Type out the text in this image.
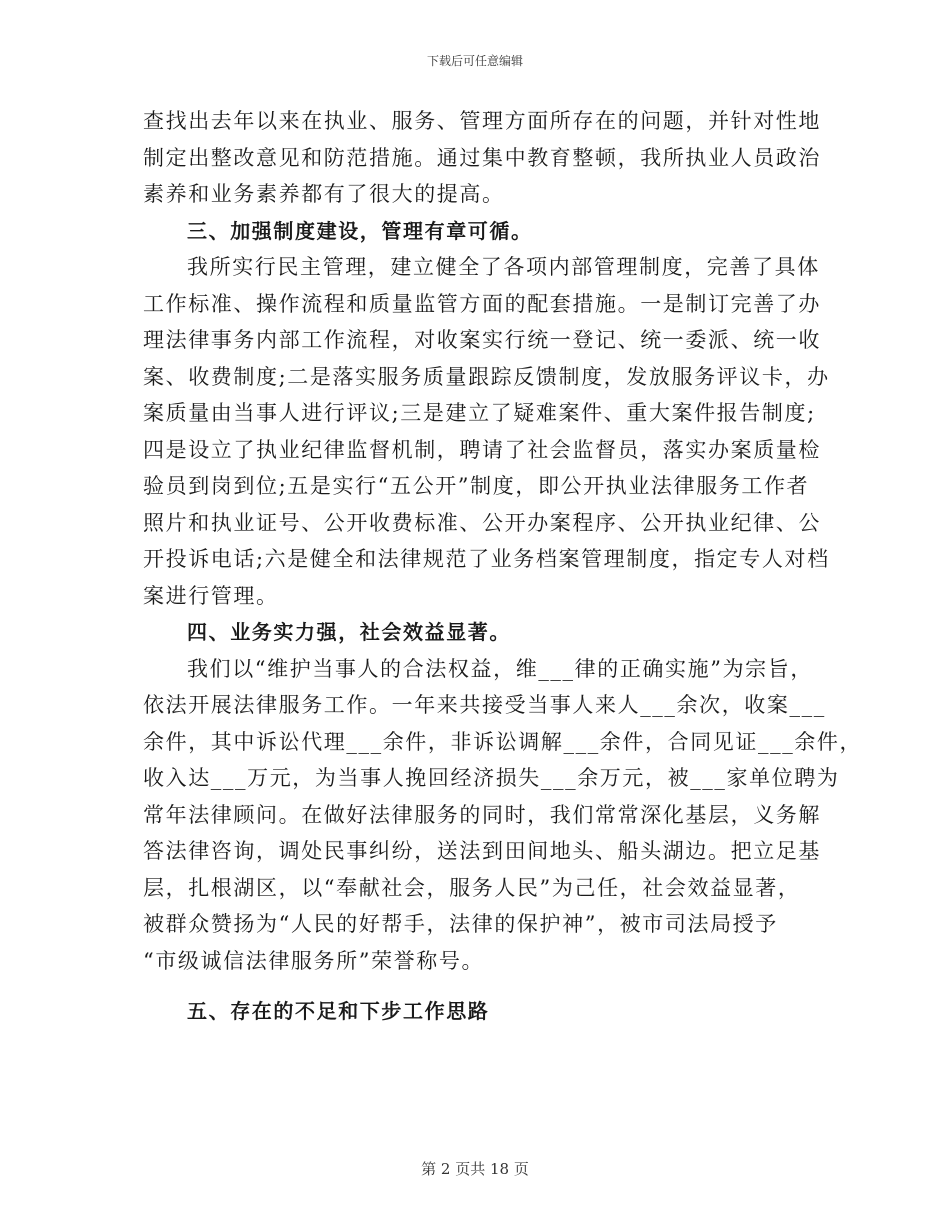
下载后可任意编辑
查找出去年以来在执业、服务、管理方面所存在的问题，并针对性地
制定出整改意见和防范措施。通过集中教育整顿，我所执业人员政治
素养和业务素养都有了很大的提高。
三、加强制度建设，管理有章可循。
我所实行民主管理，建立健全了各项内部管理制度，完善了具体
工作标准、操作流程和质量监管方面的配套措施。一是制订完善了办
理法律事务内部工作流程，对收案实行统一登记、统一委派、统一收
案、收费制度;二是落实服务质量跟踪反馈制度，发放服务评议卡，办
案质量由当事人进行评议;三是建立了疑难案件、重大案件报告制度;
四是设立了执业纪律监督机制，聘请了社会监督员，落实办案质量检
验员到岗到位;五是实行“五公开”制度，即公开执业法律服务工作者
照片和执业证号、公开收费标准、公开办案程序、公开执业纪律、公
开投诉电话;六是健全和法律规范了业务档案管理制度，指定专人对档
案进行管理。
四、业务实力强，社会效益显著。
我们以“维护当事人的合法权益，维___律的正确实施”为宗旨，
依法开展法律服务工作。一年来共接受当事人来人___余次，收案___
余件，其中诉讼代理___余件，非诉讼调解___余件，合同见证___余件，
收入达___万元，为当事人挽回经济损失___余万元，被___家单位聘为
常年法律顾问。在做好法律服务的同时，我们常常深化基层，义务解
答法律咨询，调处民事纠纷，送法到田间地头、船头湖边。把立足基
层，扎根湖区，以“奉献社会，服务人民”为己任，社会效益显著，
被群众赞扬为“人民的好帮手，法律的保护神”，被市司法局授予
“市级诚信法律服务所”荣誉称号。
五、存在的不足和下步工作思路
第 2 页共 18 页
